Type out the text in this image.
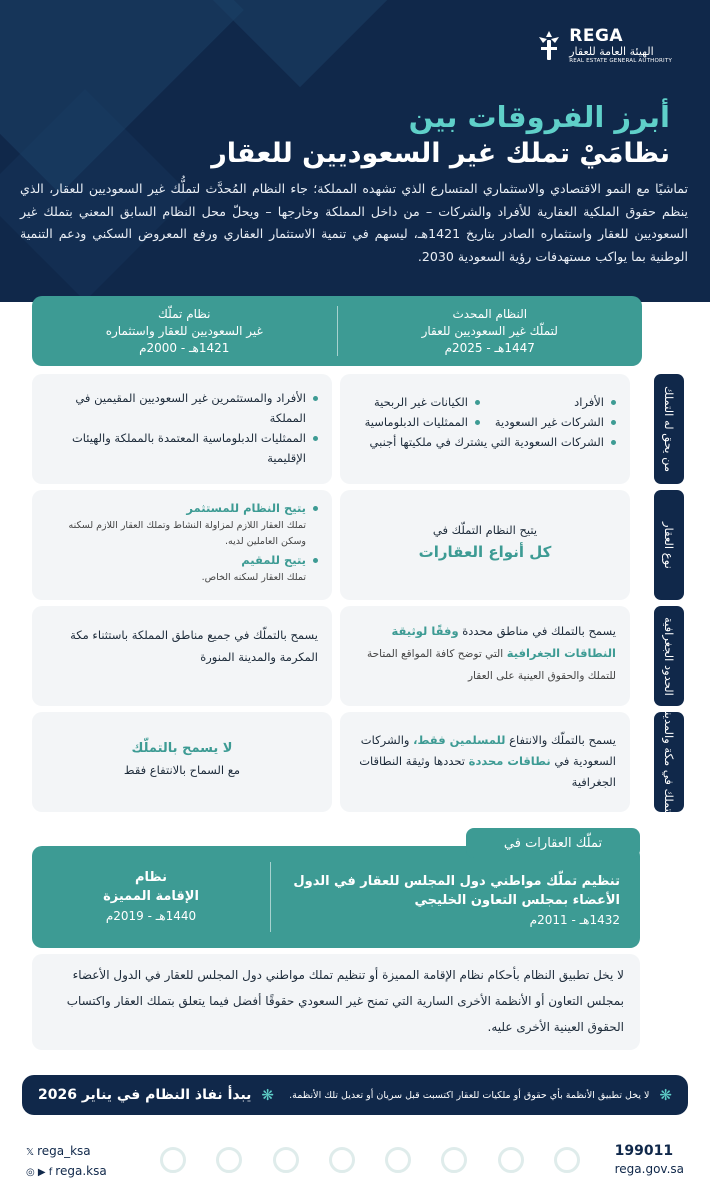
REGA
الهيئة العامة للعقار
REAL ESTATE GENERAL AUTHORITY
أبرز الفروقات بين
نظامَيْ تملك غير السعوديين للعقار

تماشيًا مع النمو الاقتصادي والاستثماري المتسارع الذي تشهده المملكة؛ جاء النظام المُحدَّث لتملُّك غير السعوديين للعقار، الذي ينظم حقوق الملكية العقارية للأفراد والشركات – من داخل المملكة وخارجها – ويحلّ محل النظام السابق المعني بتملك غير السعوديين للعقار واستثماره الصادر بتاريخ 1421هـ، ليسهم في تنمية الاستثمار العقاري ورفع المعروض السكني ودعم التنمية الوطنية بما يواكب مستهدفات رؤية السعودية 2030.

النظام المحدث
لتملّك غير السعوديين للعقار
1447هـ - 2025م
نظام تملّك
غير السعوديين للعقار واستثماره
1421هـ - 2000م
من يحق له التملك
الأفراد
الكيانات غير الربحية
الشركات غير السعودية
الممثليات الدبلوماسية
الشركات السعودية التي يشترك في ملكيتها أجنبي
الأفراد والمستثمرين غير السعوديين المقيمين في المملكة
الممثليات الدبلوماسية المعتمدة بالمملكة والهيئات الإقليمية
نوع العقار
يتيح النظام التملّك في
كل أنواع العقارات
يتيح النظام للمستثمر
تملك العقار اللازم لمزاولة النشاط وتملك العقار اللازم لسكنه وسكن العاملين لديه.
يتيح للمقيم
تملك العقار لسكنه الخاص.
الحدود الجغرافية
يسمح بالتملك في مناطق محددة وفقًا لوثيقة النطاقات الجغرافية التي توضح كافة المواقع المتاحة للتملك والحقوق العينية على العقار
يسمح بالتملّك في جميع مناطق المملكة باستثناء مكة المكرمة والمدينة المنورة
التملك في مكة والمدينة
يسمح بالتملّك والانتفاع للمسلمين فقط، والشركات السعودية في نطاقات محددة تحددها وثيقة النطاقات الجغرافية
لا يسمح بالتملّك
مع السماح بالانتفاع فقط
تنظيم تملّك مواطني دول المجلس للعقار في الدول الأعضاء بمجلس التعاون الخليجي
1432هـ - 2011م
نظام
الإقامة المميزة
1440هـ - 2019م
تملّك العقارات في
لا يخل تطبيق النظام بأحكام نظام الإقامة المميزة أو تنظيم تملك مواطني دول المجلس للعقار في الدول الأعضاء بمجلس التعاون أو الأنظمة الأخرى السارية التي تمنح غير السعودي حقوقًا أفضل فيما يتعلق بتملك العقار واكتساب الحقوق العينية الأخرى عليه.
❋
لا يخل تطبيق الأنظمة بأي حقوق أو ملكيات للعقار اكتسبت قبل سريان أو تعديل تلك الأنظمة.
❋
يبدأ نفاذ النظام في يناير 2026
𝕏 rega_ksa
◎ ▶ f rega.ksa
199011
rega.gov.sa
